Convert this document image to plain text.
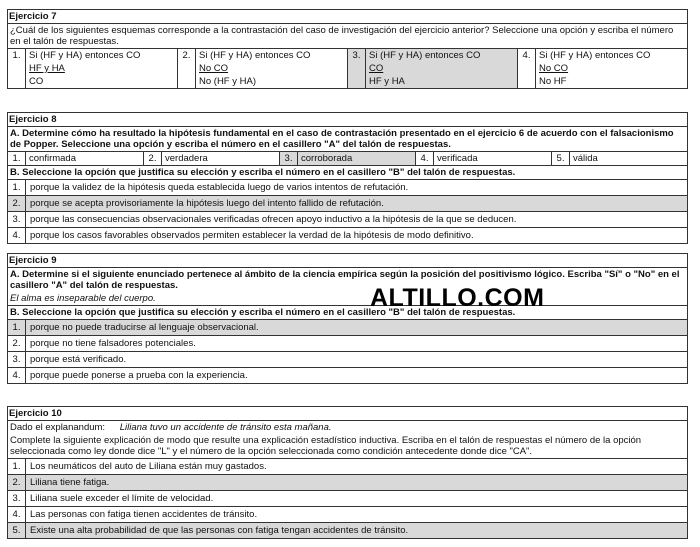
Ejercicio 7
¿Cuál de los siguientes esquemas corresponde a la contrastación del caso de investigación del ejercicio anterior? Seleccione una opción y escriba el número en el talón de respuestas.
1. Si (HF y HA) entonces CO
HF y HA
CO
2. Si (HF y HA) entonces CO
No CO
No (HF y HA)
3. Si (HF y HA) entonces CO
CO
HF y HA
4. Si (HF y HA) entonces CO
No CO
No HF
Ejercicio 8
A. Determine cómo ha resultado la hipótesis fundamental en el caso de contrastación presentado en el ejercicio 6 de acuerdo con el falsacionismo de Popper. Seleccione una opción y escriba el número en el casillero "A" del talón de respuestas.
1. confirmada	2. verdadera	3. corroborada	4. verificada	5. válida
B. Seleccione la opción que justifica su elección y escriba el número en el casillero "B" del talón de respuestas.
1.	porque la validez de la hipótesis queda establecida luego de varios intentos de refutación.
2.	porque se acepta provisoriamente la hipótesis luego del intento fallido de refutación.
3.	porque las consecuencias observacionales verificadas ofrecen apoyo inductivo a la hipótesis de la que se deducen.
4.	porque los casos favorables observados permiten establecer la verdad de la hipótesis de modo definitivo.
Ejercicio 9
A. Determine si el siguiente enunciado pertenece al ámbito de la ciencia empírica según la posición del positivismo lógico. Escriba "Sí" o "No" en el casillero "A" del talón de respuestas.
El alma es inseparable del cuerpo.
B. Seleccione la opción que justifica su elección y escriba el número en el casillero "B" del talón de respuestas.
1.	porque no puede traducirse al lenguaje observacional.
2.	porque no tiene falsadores potenciales.
3.	porque está verificado.
4.	porque puede ponerse a prueba con la experiencia.
ALTILLO.COM
Ejercicio 10
Dado el explanandum: Liliana tuvo un accidente de tránsito esta mañana.
Complete la siguiente explicación de modo que resulte una explicación estadístico inductiva. Escriba en el talón de respuestas el número de la opción seleccionada como ley donde dice "L" y el número de la opción seleccionada como condición antecedente donde dice "CA".
1.	Los neumáticos del auto de Liliana están muy gastados.
2.	Liliana tiene fatiga.
3.	Liliana suele exceder el límite de velocidad.
4.	Las personas con fatiga tienen accidentes de tránsito.
5.	Existe una alta probabilidad de que las personas con fatiga tengan accidentes de tránsito.
